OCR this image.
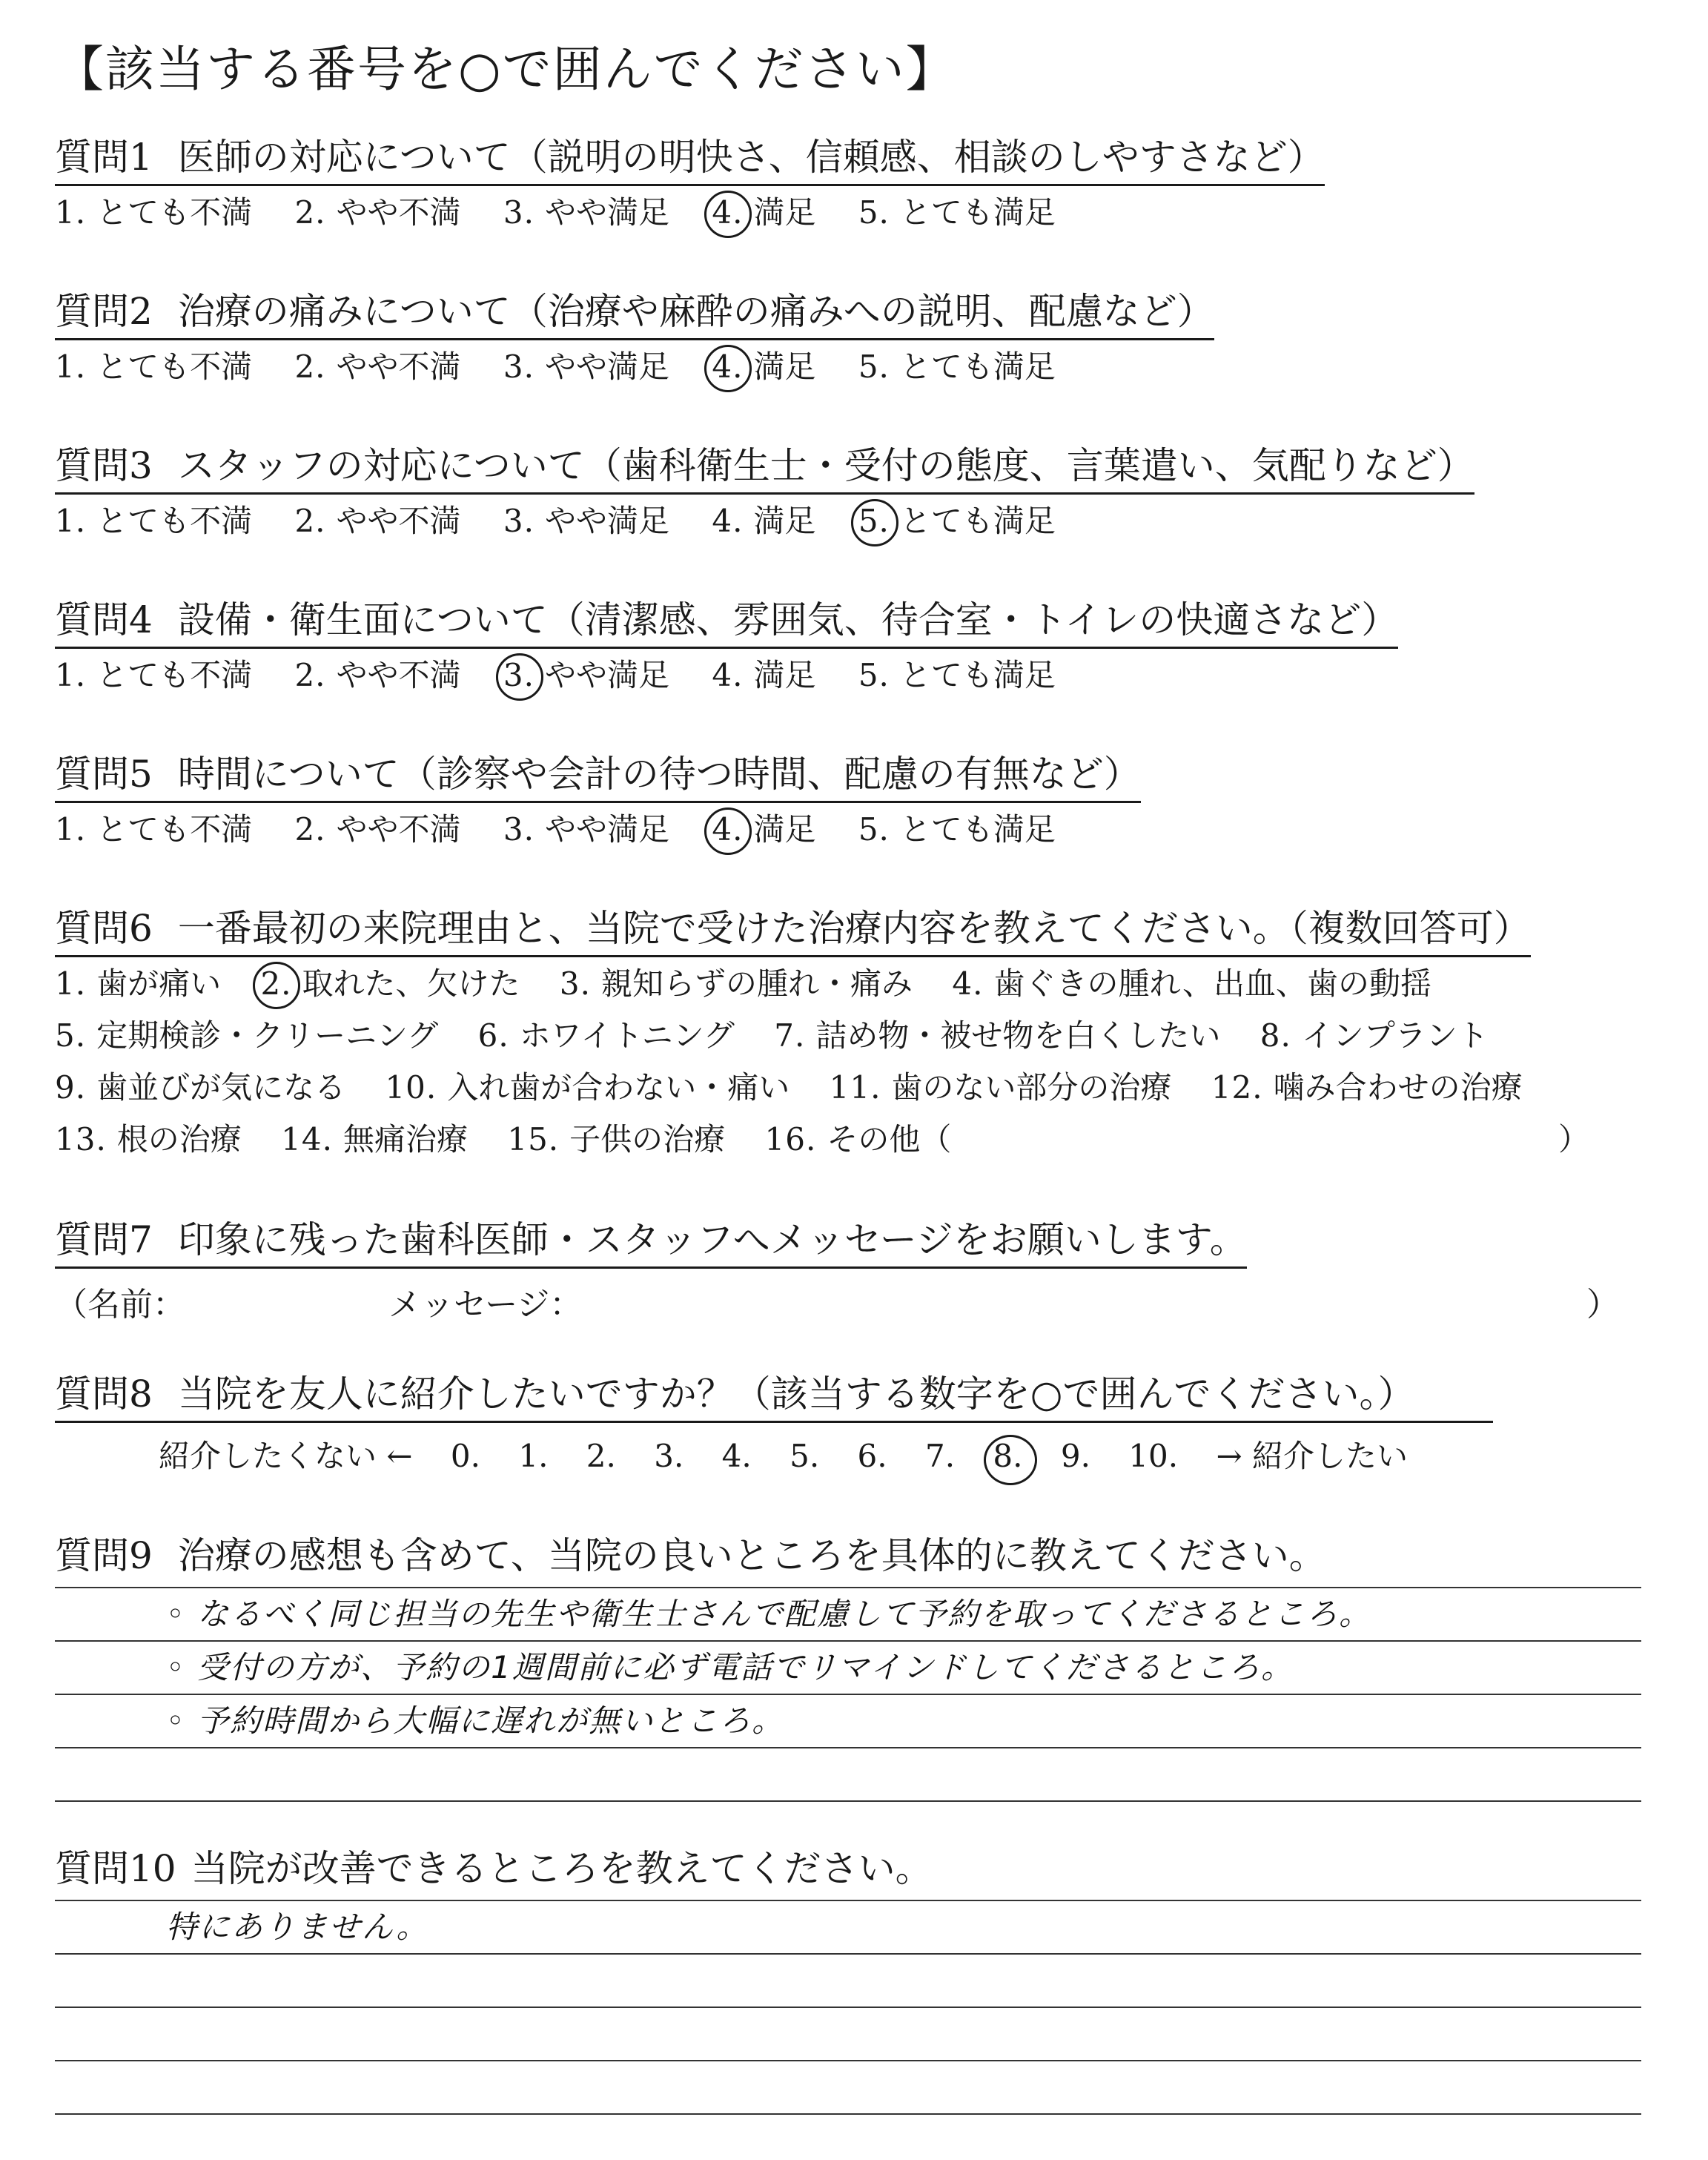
【該当する番号を○で囲んでください】
質問1 医師の対応について（説明の明快さ、信頼感、相談のしやすさなど）
1. とても不満 2. やや不満 3. やや満足 4. 満足 5. とても満足
質問2 治療の痛みについて（治療や麻酔の痛みへの説明、配慮など）
1. とても不満 2. やや不満 3. やや満足 4. 満足 5. とても満足
質問3 スタッフの対応について（歯科衛生士・受付の態度、言葉遣い、気配りなど）
1. とても不満 2. やや不満 3. やや満足 4. 満足 5. とても満足
質問4 設備・衛生面について（清潔感、雰囲気、待合室・トイレの快適さなど）
1. とても不満 2. やや不満 3. やや満足 4. 満足 5. とても満足
質問5 時間について（診察や会計の待つ時間、配慮の有無など）
1. とても不満 2. やや不満 3. やや満足 4. 満足 5. とても満足
質問6 一番最初の来院理由と、当院で受けた治療内容を教えてください。（複数回答可）
1. 歯が痛い 2. 取れた、欠けた 3. 親知らずの腫れ・痛み 4. 歯ぐきの腫れ、出血、歯の動揺 5. 定期検診・クリーニング 6. ホワイトニング 7. 詰め物・被せ物を白くしたい 8. インプラント 9. 歯並びが気になる 10. 入れ歯が合わない・痛い 11. 歯のない部分の治療 12. 噛み合わせの治療 13. 根の治療 14. 無痛治療 15. 子供の治療 16. その他（	）
質問7 印象に残った歯科医師・スタッフへメッセージをお願いします。
（名前：	メッセージ：	）
質問8 当院を友人に紹介したいですか？（該当する数字を○で囲んでください。）
紹介したくない ← 0. 1. 2. 3. 4. 5. 6. 7. 8. 9. 10. → 紹介したい
質問9 治療の感想も含めて、当院の良いところを具体的に教えてください。
◦ なるべく同じ担当の先生や衛生士さんで配慮して予約を取ってくださるところ。
◦ 受付の方が、予約の1週間前に必ず電話でリマインドしてくださるところ。
◦ 予約時間から大幅に遅れが無いところ。
質問10 当院が改善できるところを教えてください。
特にありません。
